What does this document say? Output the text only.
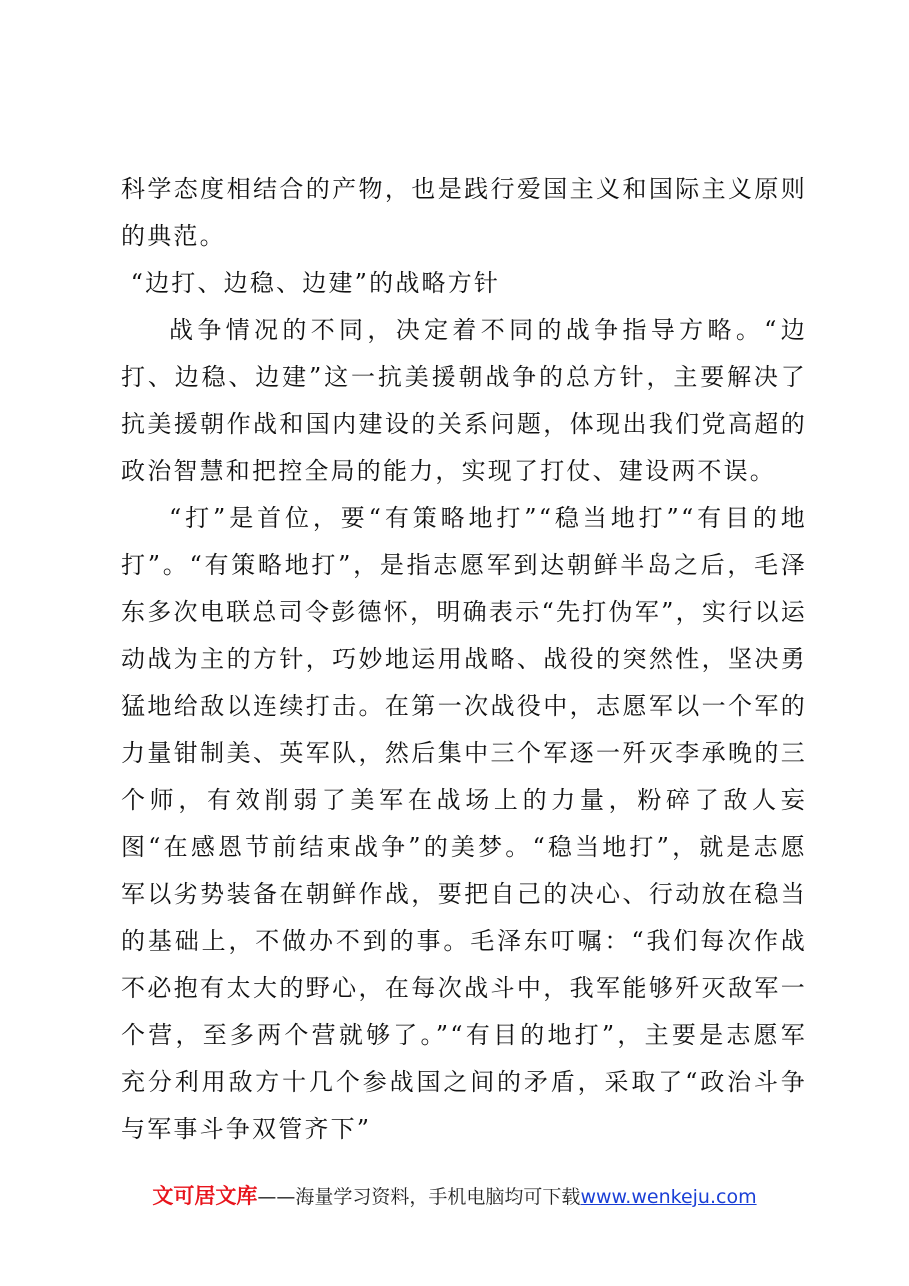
科学态度相结合的产物，也是践行爱国主义和国际主义原则的典范。

“边打、边稳、边建”的战略方针

战争情况的不同，决定着不同的战争指导方略。“边打、边稳、边建”这一抗美援朝战争的总方针，主要解决了抗美援朝作战和国内建设的关系问题，体现出我们党高超的政治智慧和把控全局的能力，实现了打仗、建设两不误。

“打”是首位，要“有策略地打”“稳当地打”“有目的地打”。“有策略地打”，是指志愿军到达朝鲜半岛之后，毛泽东多次电联总司令彭德怀，明确表示“先打伪军”，实行以运动战为主的方针，巧妙地运用战略、战役的突然性，坚决勇猛地给敌以连续打击。在第一次战役中，志愿军以一个军的力量钳制美、英军队，然后集中三个军逐一歼灭李承晚的三个师，有效削弱了美军在战场上的力量，粉碎了敌人妄图“在感恩节前结束战争”的美梦。“稳当地打”，就是志愿军以劣势装备在朝鲜作战，要把自己的决心、行动放在稳当的基础上，不做办不到的事。毛泽东叮嘱：“我们每次作战不必抱有太大的野心，在每次战斗中，我军能够歼灭敌军一个营，至多两个营就够了。”“有目的地打”，主要是志愿军充分利用敌方十几个参战国之间的矛盾，采取了“政治斗争与军事斗争双管齐下”

文可居文库——海量学习资料，手机电脑均可下载www.wenkeju.com
